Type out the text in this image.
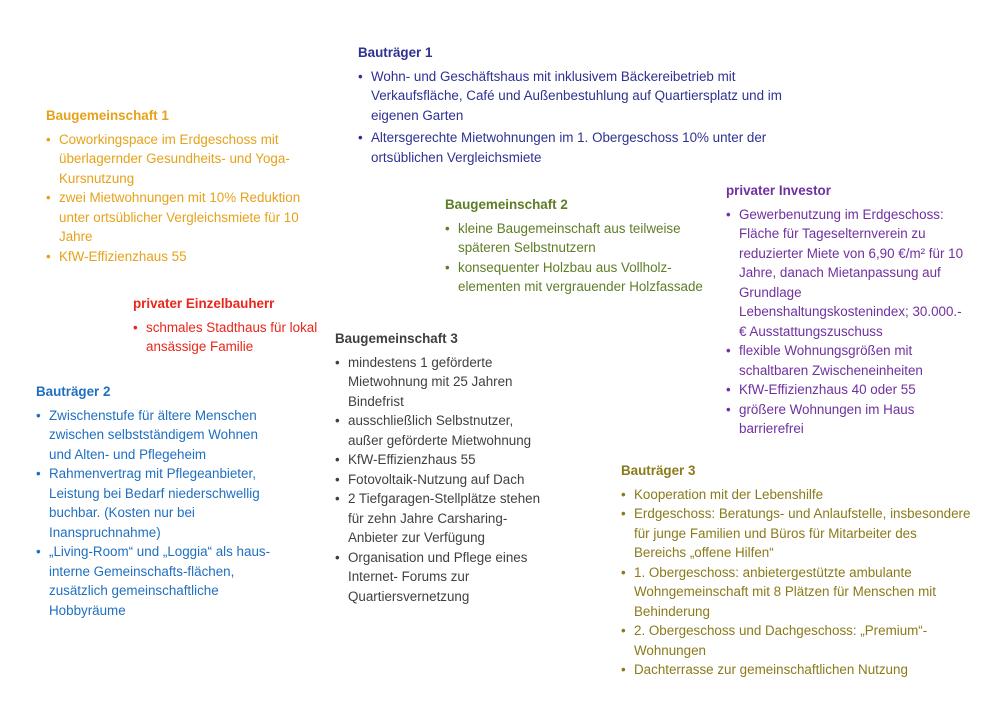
Bauträger 1
• Wohn- und Geschäftshaus mit inklusivem Bäckereibetrieb mit Verkaufsfläche, Café und Außenbestuhlung auf Quartiersplatz und im eigenen Garten
• Altersgerechte Mietwohnungen im 1. Obergeschoss 10% unter der ortsüblichen Vergleichsmiete
Baugemeinschaft 1
• Coworkingspace im Erdgeschoss mit überlagernder Gesundheits- und Yoga-Kursnutzung
• zwei Mietwohnungen mit 10% Reduktion unter ortsüblicher Vergleichsmiete für 10 Jahre
• KfW-Effizienzhaus 55
Baugemeinschaft 2
• kleine Baugemeinschaft aus teilweise späteren Selbstnutzern
• konsequenter Holzbau aus Vollholz-elementen mit vergrauender Holzfassade
privater Investor
• Gewerbenutzung im Erdgeschoss: Fläche für Tageselternverein zu reduzierter Miete von 6,90 €/m² für 10 Jahre, danach Mietanpassung auf Grundlage Lebenshaltungskostenindex; 30.000.- € Ausstattungszuschuss
• flexible Wohnungsgrößen mit schaltbaren Zwischeneinheiten
• KfW-Effizienzhaus 40 oder 55
• größere Wohnungen im Haus barrierefrei
privater Einzelbauherr
• schmales Stadthaus für lokal ansässige Familie
Baugemeinschaft 3
• mindestens 1 geförderte Mietwohnung mit 25 Jahren Bindefrist
• ausschließlich Selbstnutzer, außer geförderte Mietwohnung
• KfW-Effizienzhaus 55
• Fotovoltaik-Nutzung auf Dach
• 2 Tiefgaragen-Stellplätze stehen für zehn Jahre Carsharing-Anbieter zur Verfügung
• Organisation und Pflege eines Internet- Forums zur Quartiersvernetzung
Bauträger 2
• Zwischenstufe für ältere Menschen zwischen selbstständigem Wohnen und Alten- und Pflegeheim
• Rahmenvertrag mit Pflegeanbieter, Leistung bei Bedarf niederschwellig buchbar. (Kosten nur bei Inanspruchnahme)
• „Living-Room“ und „Loggia“ als haus-interne Gemeinschafts-flächen, zusätzlich gemeinschaftliche Hobbyräume
Bauträger 3
• Kooperation mit der Lebenshilfe
• Erdgeschoss: Beratungs- und Anlaufstelle, insbesondere für junge Familien und Büros für Mitarbeiter des Bereichs „offene Hilfen“
• 1. Obergeschoss: anbietergestützte ambulante Wohngemeinschaft mit 8 Plätzen für Menschen mit Behinderung
• 2. Obergeschoss und Dachgeschoss: „Premium“-Wohnungen
• Dachterrasse zur gemeinschaftlichen Nutzung
